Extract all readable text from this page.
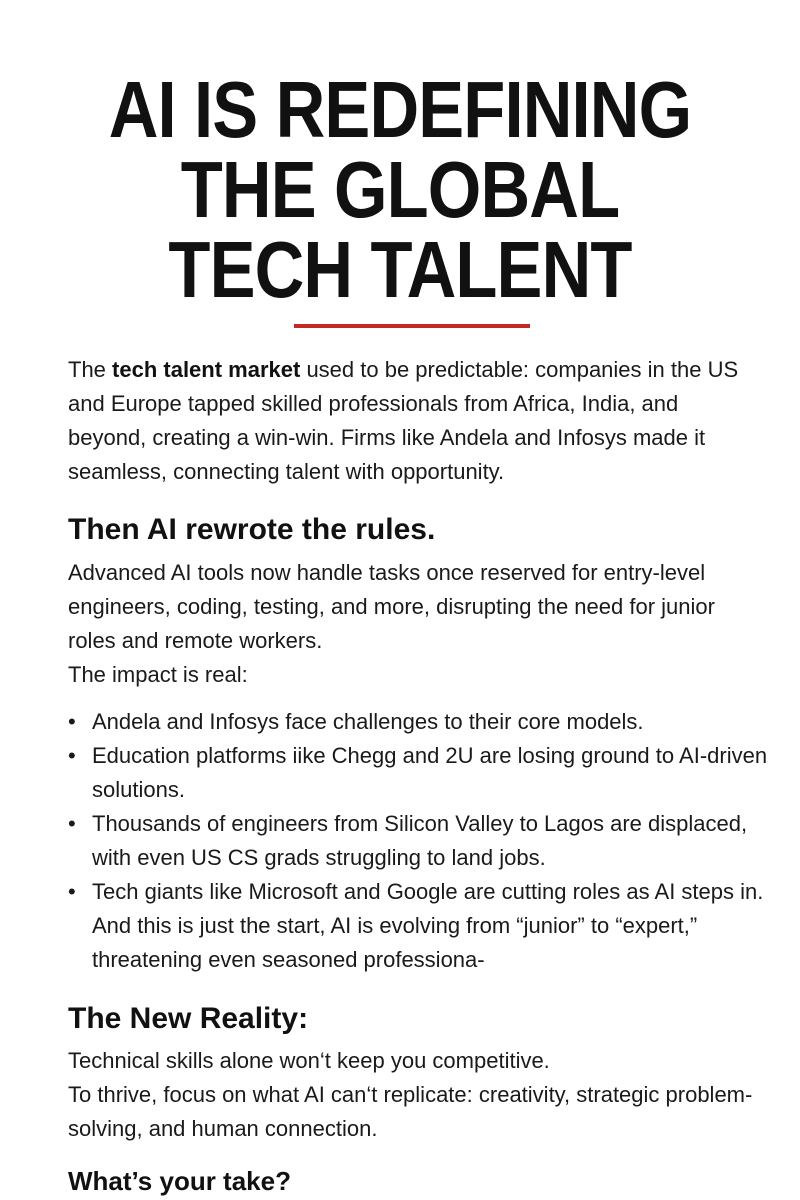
AI IS REDEFINING
THE GLOBAL
TECH TALENT

The tech talent market used to be predictable: companies in the US and Europe tapped skilled professionals from Africa, India, and beyond, creating a win-win. Firms like Andela and Infosys made it seamless, connecting talent with opportunity.

Then AI rewrote the rules.

Advanced AI tools now handle tasks once reserved for entry-level engineers, coding, testing, and more, disrupting the need for junior roles and remote workers.
The impact is real:

• Andela and Infosys face challenges to their core models.
• Education platforms iike Chegg and 2U are losing ground to AI-driven solutions.
• Thousands of engineers from Silicon Valley to Lagos are displaced, with even US CS grads struggling to land jobs.
• Tech giants like Microsoft and Google are cutting roles as AI steps in. And this is just the start, AI is evolving from “junior” to “expert,” threatening even seasoned professiona-
The New Reality:

Technical skills alone won‘t keep you competitive.
To thrive, focus on what AI can‘t replicate: creativity, strategic problem-solving, and human connection.

What’s your take?
